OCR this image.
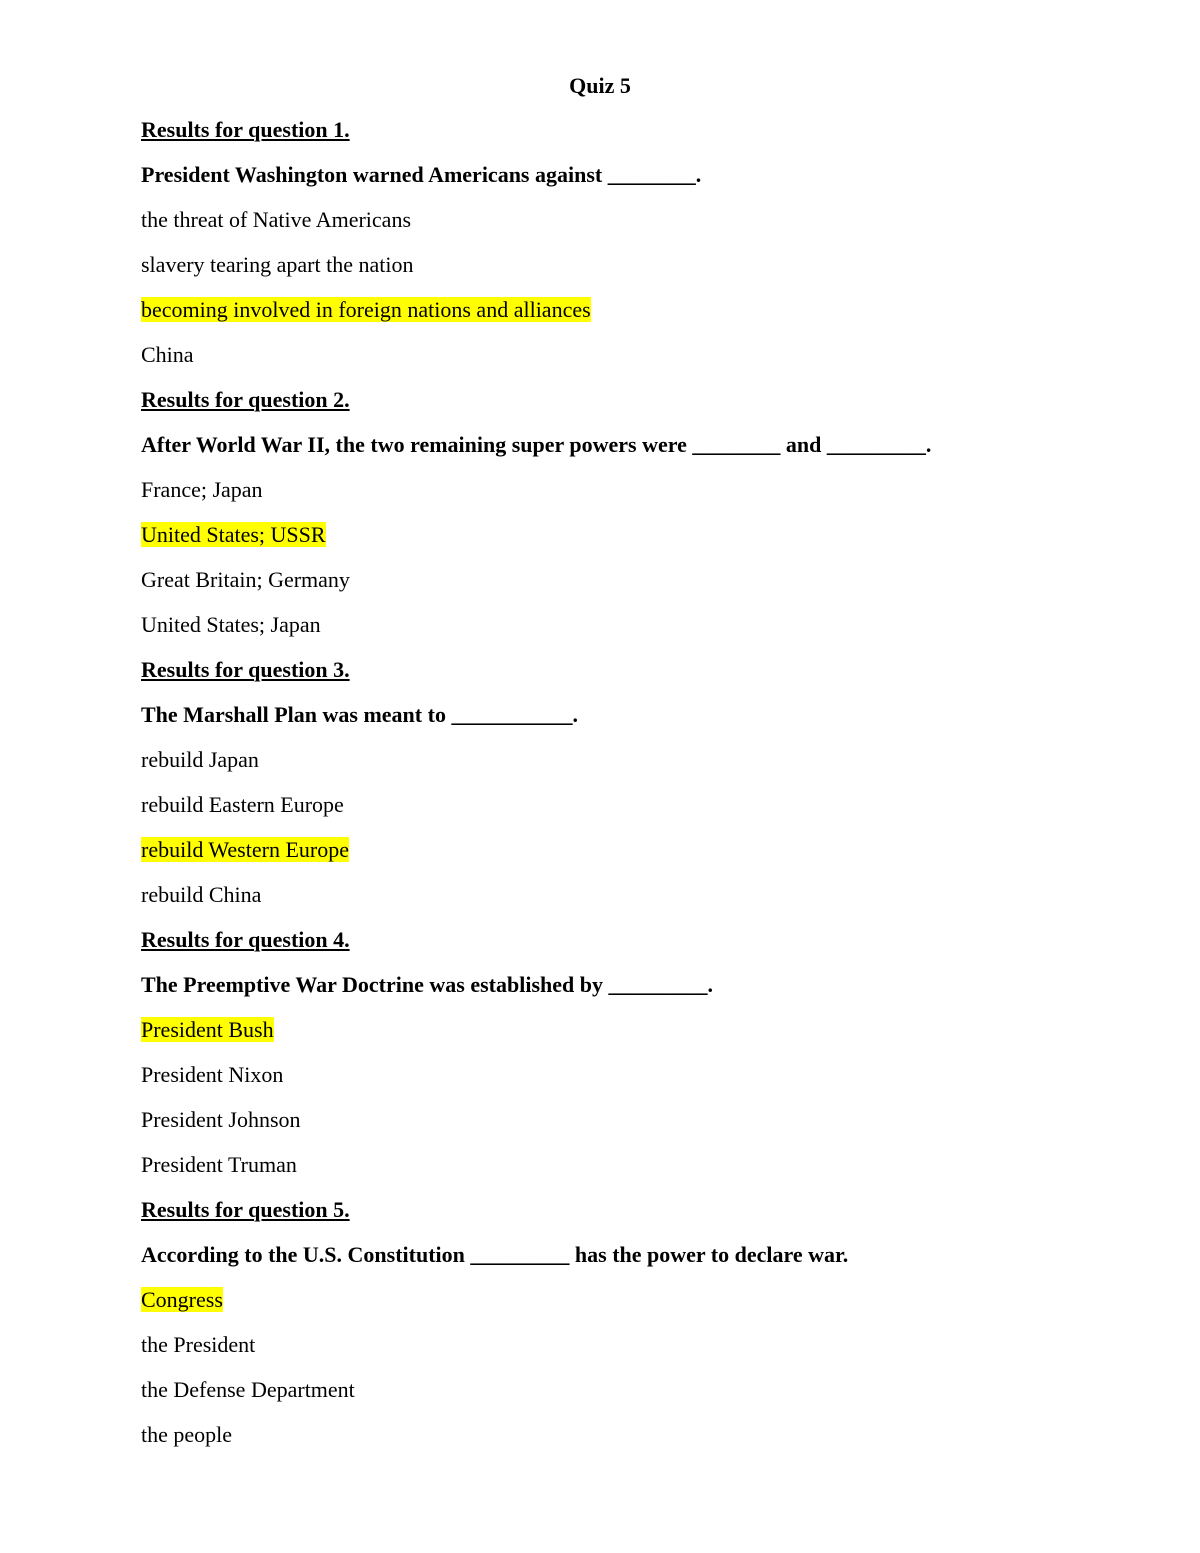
Quiz 5
Results for question 1.
President Washington warned Americans against ________.
the threat of Native Americans
slavery tearing apart the nation
becoming involved in foreign nations and alliances
China
Results for question 2.
After World War II, the two remaining super powers were ________ and _________.
France; Japan
United States; USSR
Great Britain; Germany
United States; Japan
Results for question 3.
The Marshall Plan was meant to ___________.
rebuild Japan
rebuild Eastern Europe
rebuild Western Europe
rebuild China
Results for question 4.
The Preemptive War Doctrine was established by _________.
President Bush
President Nixon
President Johnson
President Truman
Results for question 5.
According to the U.S. Constitution _________ has the power to declare war.
Congress
the President
the Defense Department
the people
